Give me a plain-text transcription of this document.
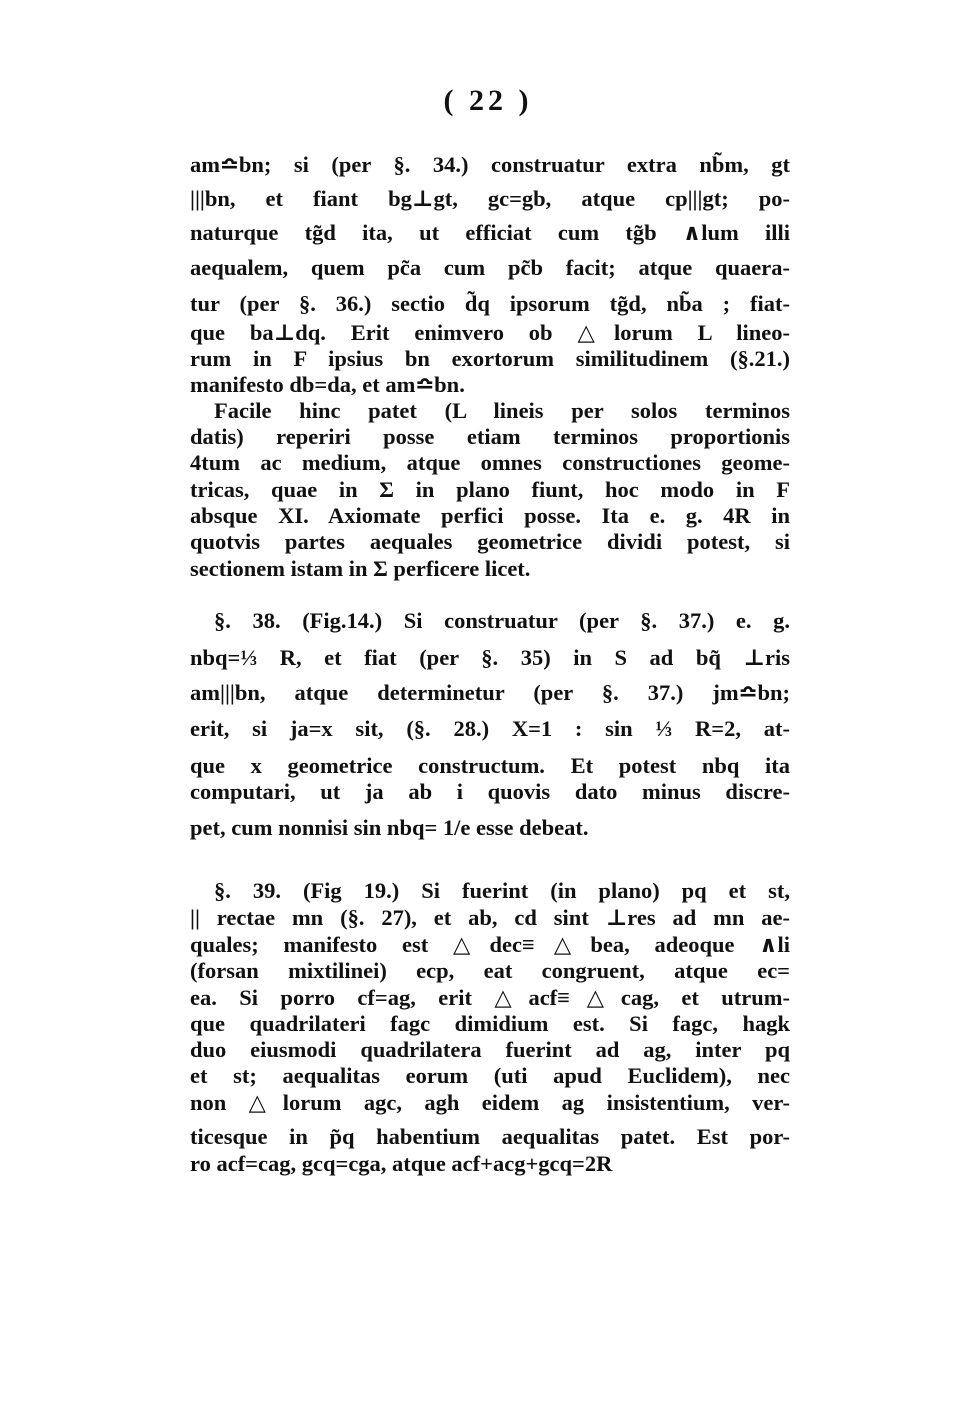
( 22 )
am≏bn; si (per §. 34.) construatur extra nb̃m, gt
|||bn, et fiant bg⊥gt, gc=gb, atque cp|||gt; po-
naturque tg̃d ita, ut efficiat cum tg̃b ∧lum illi
aequalem, quem pc̃a cum pc̃b facit; atque quaera-
tur (per §. 36.) sectio d̃q ipsorum tg̃d, nb̃a ; fiat-
que ba⊥dq. Erit enimvero ob △lorum L lineo-
rum in F ipsius bn exortorum similitudinem (§.21.)
manifesto db=da, et am≏bn.
Facile hinc patet (L lineis per solos terminos
datis) reperiri posse etiam terminos proportionis
4tum ac medium, atque omnes constructiones geome-
tricas, quae in Σ in plano fiunt, hoc modo in F
absque XI. Axiomate perfici posse. Ita e. g. 4R in
quotvis partes aequales geometrice dividi potest, si
sectionem istam in Σ perficere licet.
§. 38. (Fig.14.) Si construatur (per §. 37.) e. g.
nbq=⅓ R, et fiat (per §. 35) in S ad bq̃ ⊥ris
am|||bn, atque determinetur (per §. 37.) jm≏bn;
erit, si ja=x sit, (§. 28.) X=1 : sin ⅓ R=2, at-
que x geometrice constructum. Et potest nbq ita
computari, ut ja ab i quovis dato minus discre-
pet, cum nonnisi sin nbq= 1/e esse debeat.
§. 39. (Fig 19.) Si fuerint (in plano) pq et st,
|| rectae mn (§. 27), et ab, cd sint ⊥res ad mn ae-
quales; manifesto est △dec≡△bea, adeoque ∧li
(forsan mixtilinei) ecp, eat congruent, atque ec=
ea. Si porro cf=ag, erit △acf≡△cag, et utrum-
que quadrilateri fagc dimidium est. Si fagc, hagk
duo eiusmodi quadrilatera fuerint ad ag, inter pq
et st; aequalitas eorum (uti apud Euclidem), nec
non △lorum agc, agh eidem ag insistentium, ver-
ticesque in p̃q habentium aequalitas patet. Est por-
ro acf=cag, gcq=cga, atque acf+acg+gcq=2R
